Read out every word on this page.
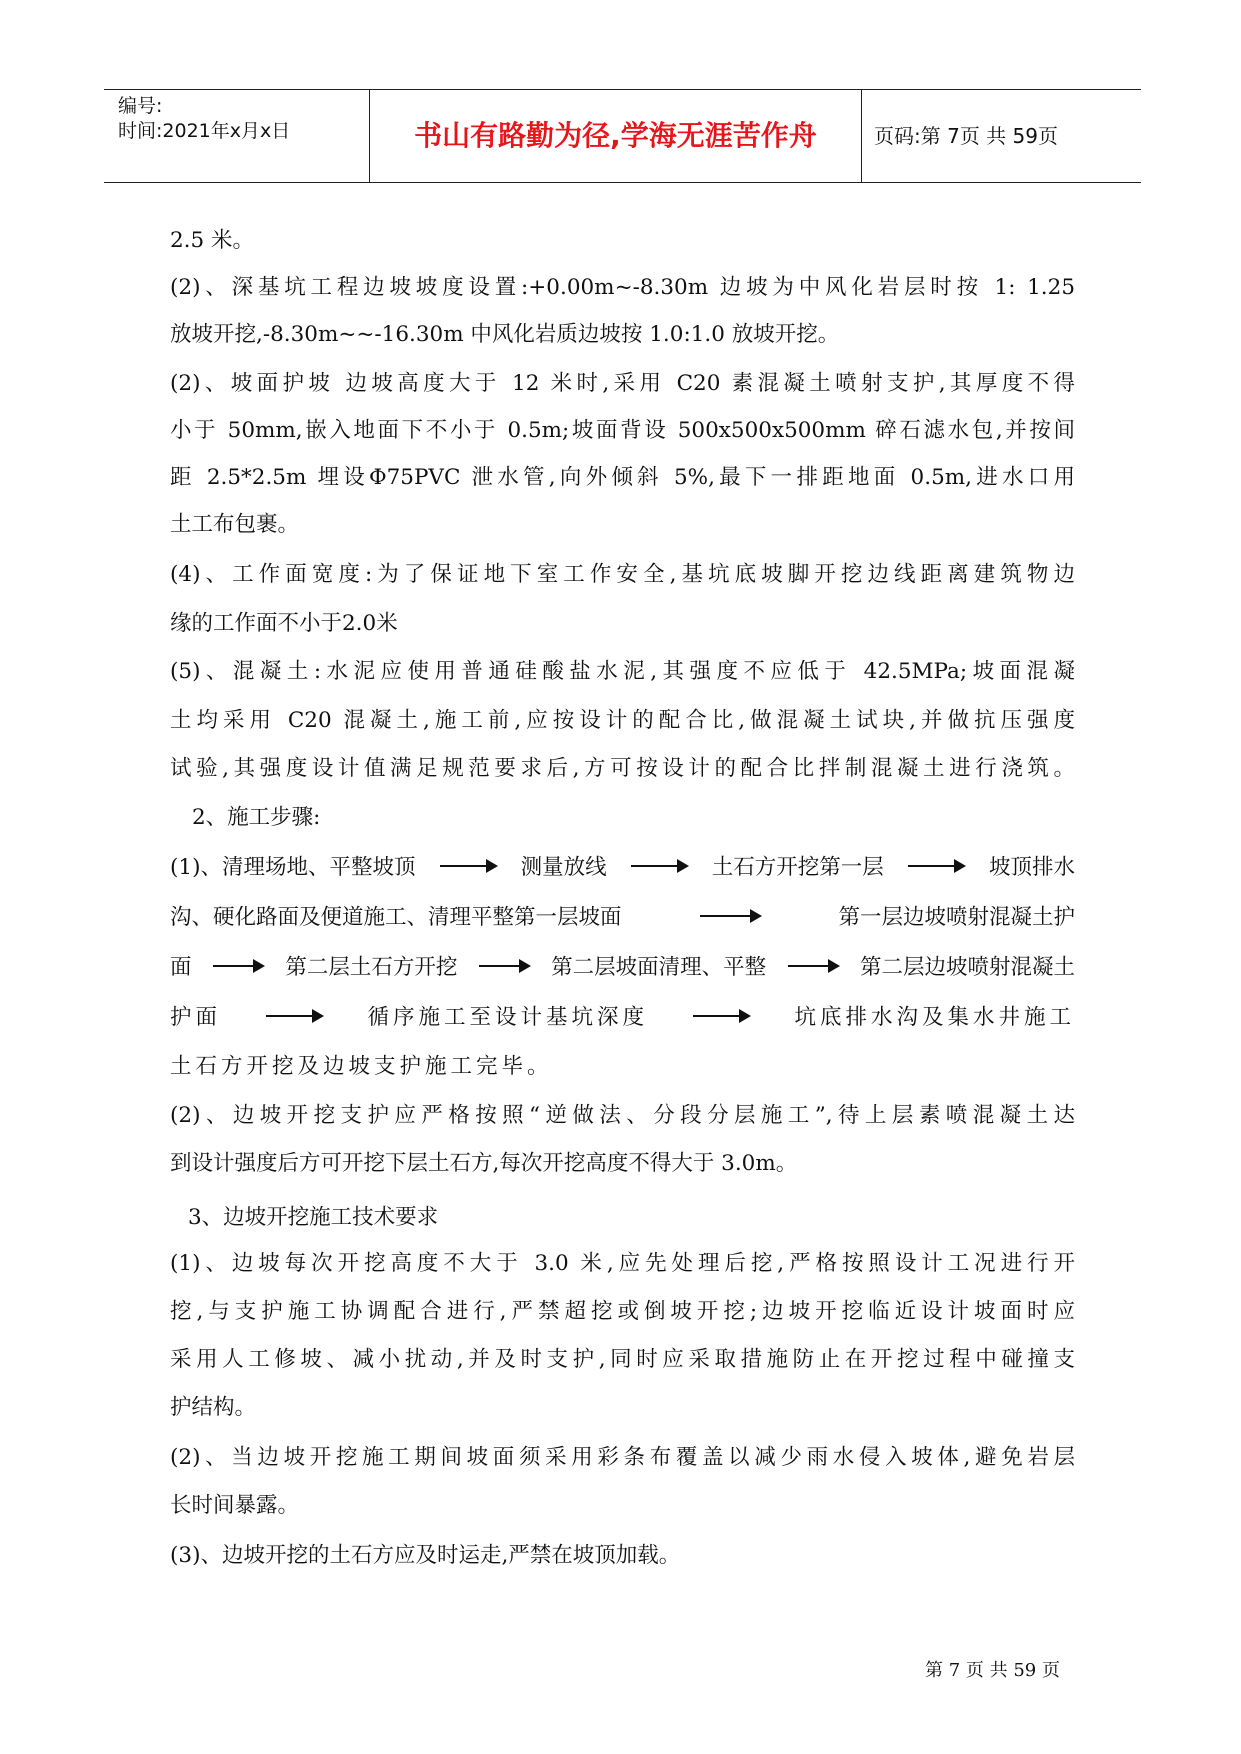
编号:
时间:2021年x月x日	书山有路勤为径,学海无涯苦作舟	页码:第 7页 共 59页
2.5 米。
(2)、深基坑工程边坡坡度设置:+0.00m~-8.30m 边坡为中风化岩层时按 1: 1.25
放坡开挖,-8.30m~~-16.30m 中风化岩质边坡按 1.0:1.0 放坡开挖。
(2)、坡面护坡 边坡高度大于 12 米时,采用 C20 素混凝土喷射支护,其厚度不得
小于 50mm,嵌入地面下不小于 0.5m;坡面背设 500x500x500mm 碎石滤水包,并按间
距 2.5*2.5m 埋设Φ75PVC 泄水管,向外倾斜 5%,最下一排距地面 0.5m,进水口用
土工布包裹。
(4)、工作面宽度:为了保证地下室工作安全,基坑底坡脚开挖边线距离建筑物边
缘的工作面不小于2.0米
(5)、混凝土:水泥应使用普通硅酸盐水泥,其强度不应低于 42.5MPa;坡面混凝
土均采用 C20 混凝土,施工前,应按设计的配合比,做混凝土试块,并做抗压强度
试验,其强度设计值满足规范要求后,方可按设计的配合比拌制混凝土进行浇筑。
2、施工步骤:
(1)、清理场地、平整坡顶	测量放线	土石方开挖第一层	坡顶排水
沟、硬化路面及便道施工、清理平整第一层坡面	第一层边坡喷射混凝土护
面	第二层土石方开挖	第二层坡面清理、平整	第二层边坡喷射混凝土
护面	循序施工至设计基坑深度	坑底排水沟及集水井施工
土石方开挖及边坡支护施工完毕。
(2)、边坡开挖支护应严格按照“逆做法、分段分层施工”,待上层素喷混凝土达
到设计强度后方可开挖下层土石方,每次开挖高度不得大于 3.0m。
3、边坡开挖施工技术要求
(1)、边坡每次开挖高度不大于 3.0 米,应先处理后挖,严格按照设计工况进行开
挖,与支护施工协调配合进行,严禁超挖或倒坡开挖;边坡开挖临近设计坡面时应
采用人工修坡、减小扰动,并及时支护,同时应采取措施防止在开挖过程中碰撞支
护结构。
(2)、当边坡开挖施工期间坡面须采用彩条布覆盖以减少雨水侵入坡体,避免岩层
长时间暴露。
(3)、边坡开挖的土石方应及时运走,严禁在坡顶加载。
第 7 页 共 59 页
